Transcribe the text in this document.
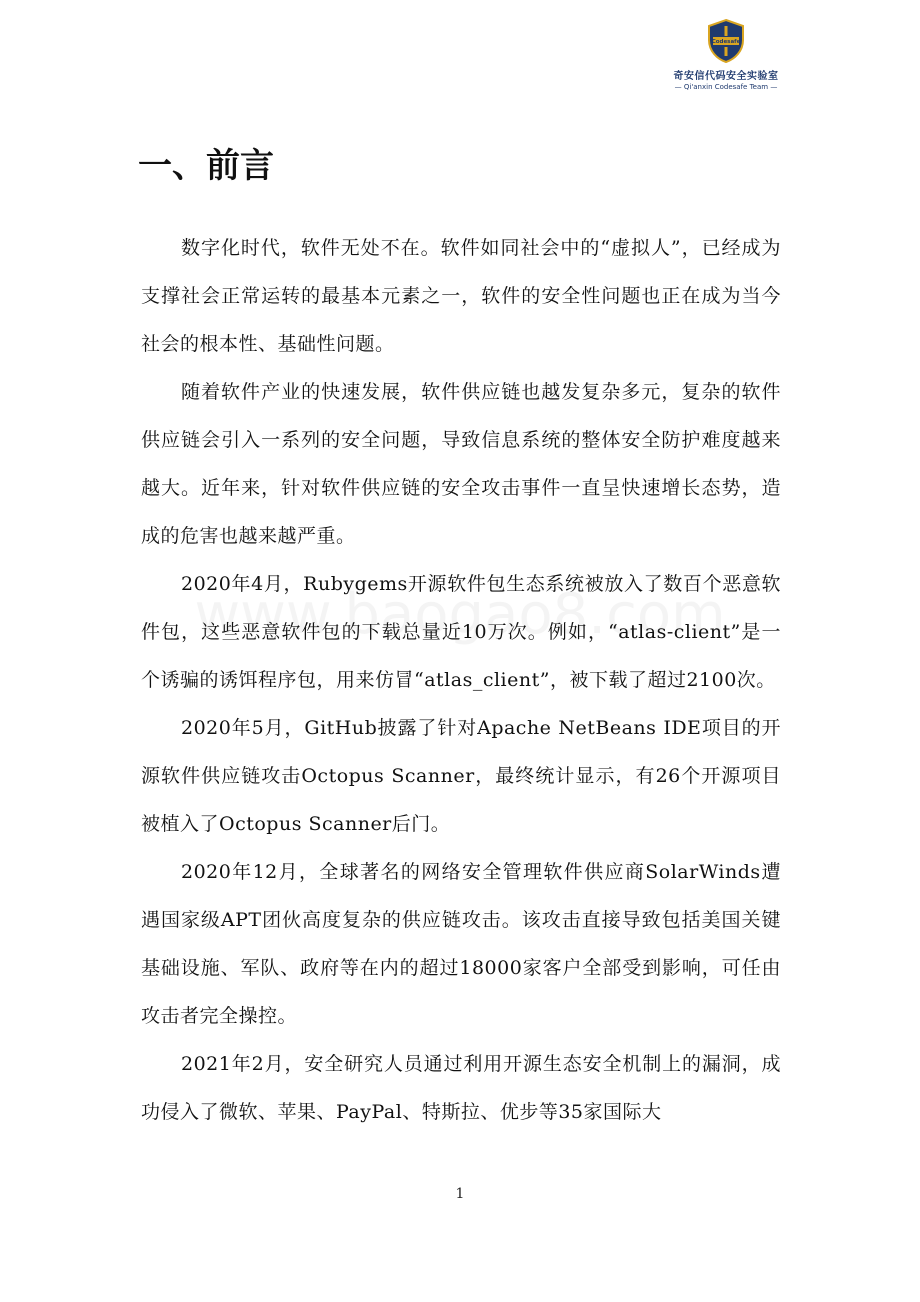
Codesafe
奇安信代码安全实验室
— Qi'anxin Codesafe Team —
一、前言

数字化时代，软件无处不在。软件如同社会中的“虚拟人”，已经成为支撑社会正常运转的最基本元素之一，软件的安全性问题也正在成为当今社会的根本性、基础性问题。

随着软件产业的快速发展，软件供应链也越发复杂多元，复杂的软件供应链会引入一系列的安全问题，导致信息系统的整体安全防护难度越来越大。近年来，针对软件供应链的安全攻击事件一直呈快速增长态势，造成的危害也越来越严重。

2020年4月，Rubygems开源软件包生态系统被放入了数百个恶意软件包，这些恶意软件包的下载总量近10万次。例如，“atlas-client”是一个诱骗的诱饵程序包，用来仿冒“atlas_client”，被下载了超过2100次。

2020年5月，GitHub披露了针对Apache NetBeans IDE项目的开源软件供应链攻击Octopus Scanner，最终统计显示，有26个开源项目被植入了Octopus Scanner后门。

2020年12月，全球著名的网络安全管理软件供应商SolarWinds遭遇国家级APT团伙高度复杂的供应链攻击。该攻击直接导致包括美国关键基础设施、军队、政府等在内的超过18000家客户全部受到影响，可任由攻击者完全操控。

2021年2月，安全研究人员通过利用开源生态安全机制上的漏洞，成功侵入了微软、苹果、PayPal、特斯拉、优步等35家国际大

1
